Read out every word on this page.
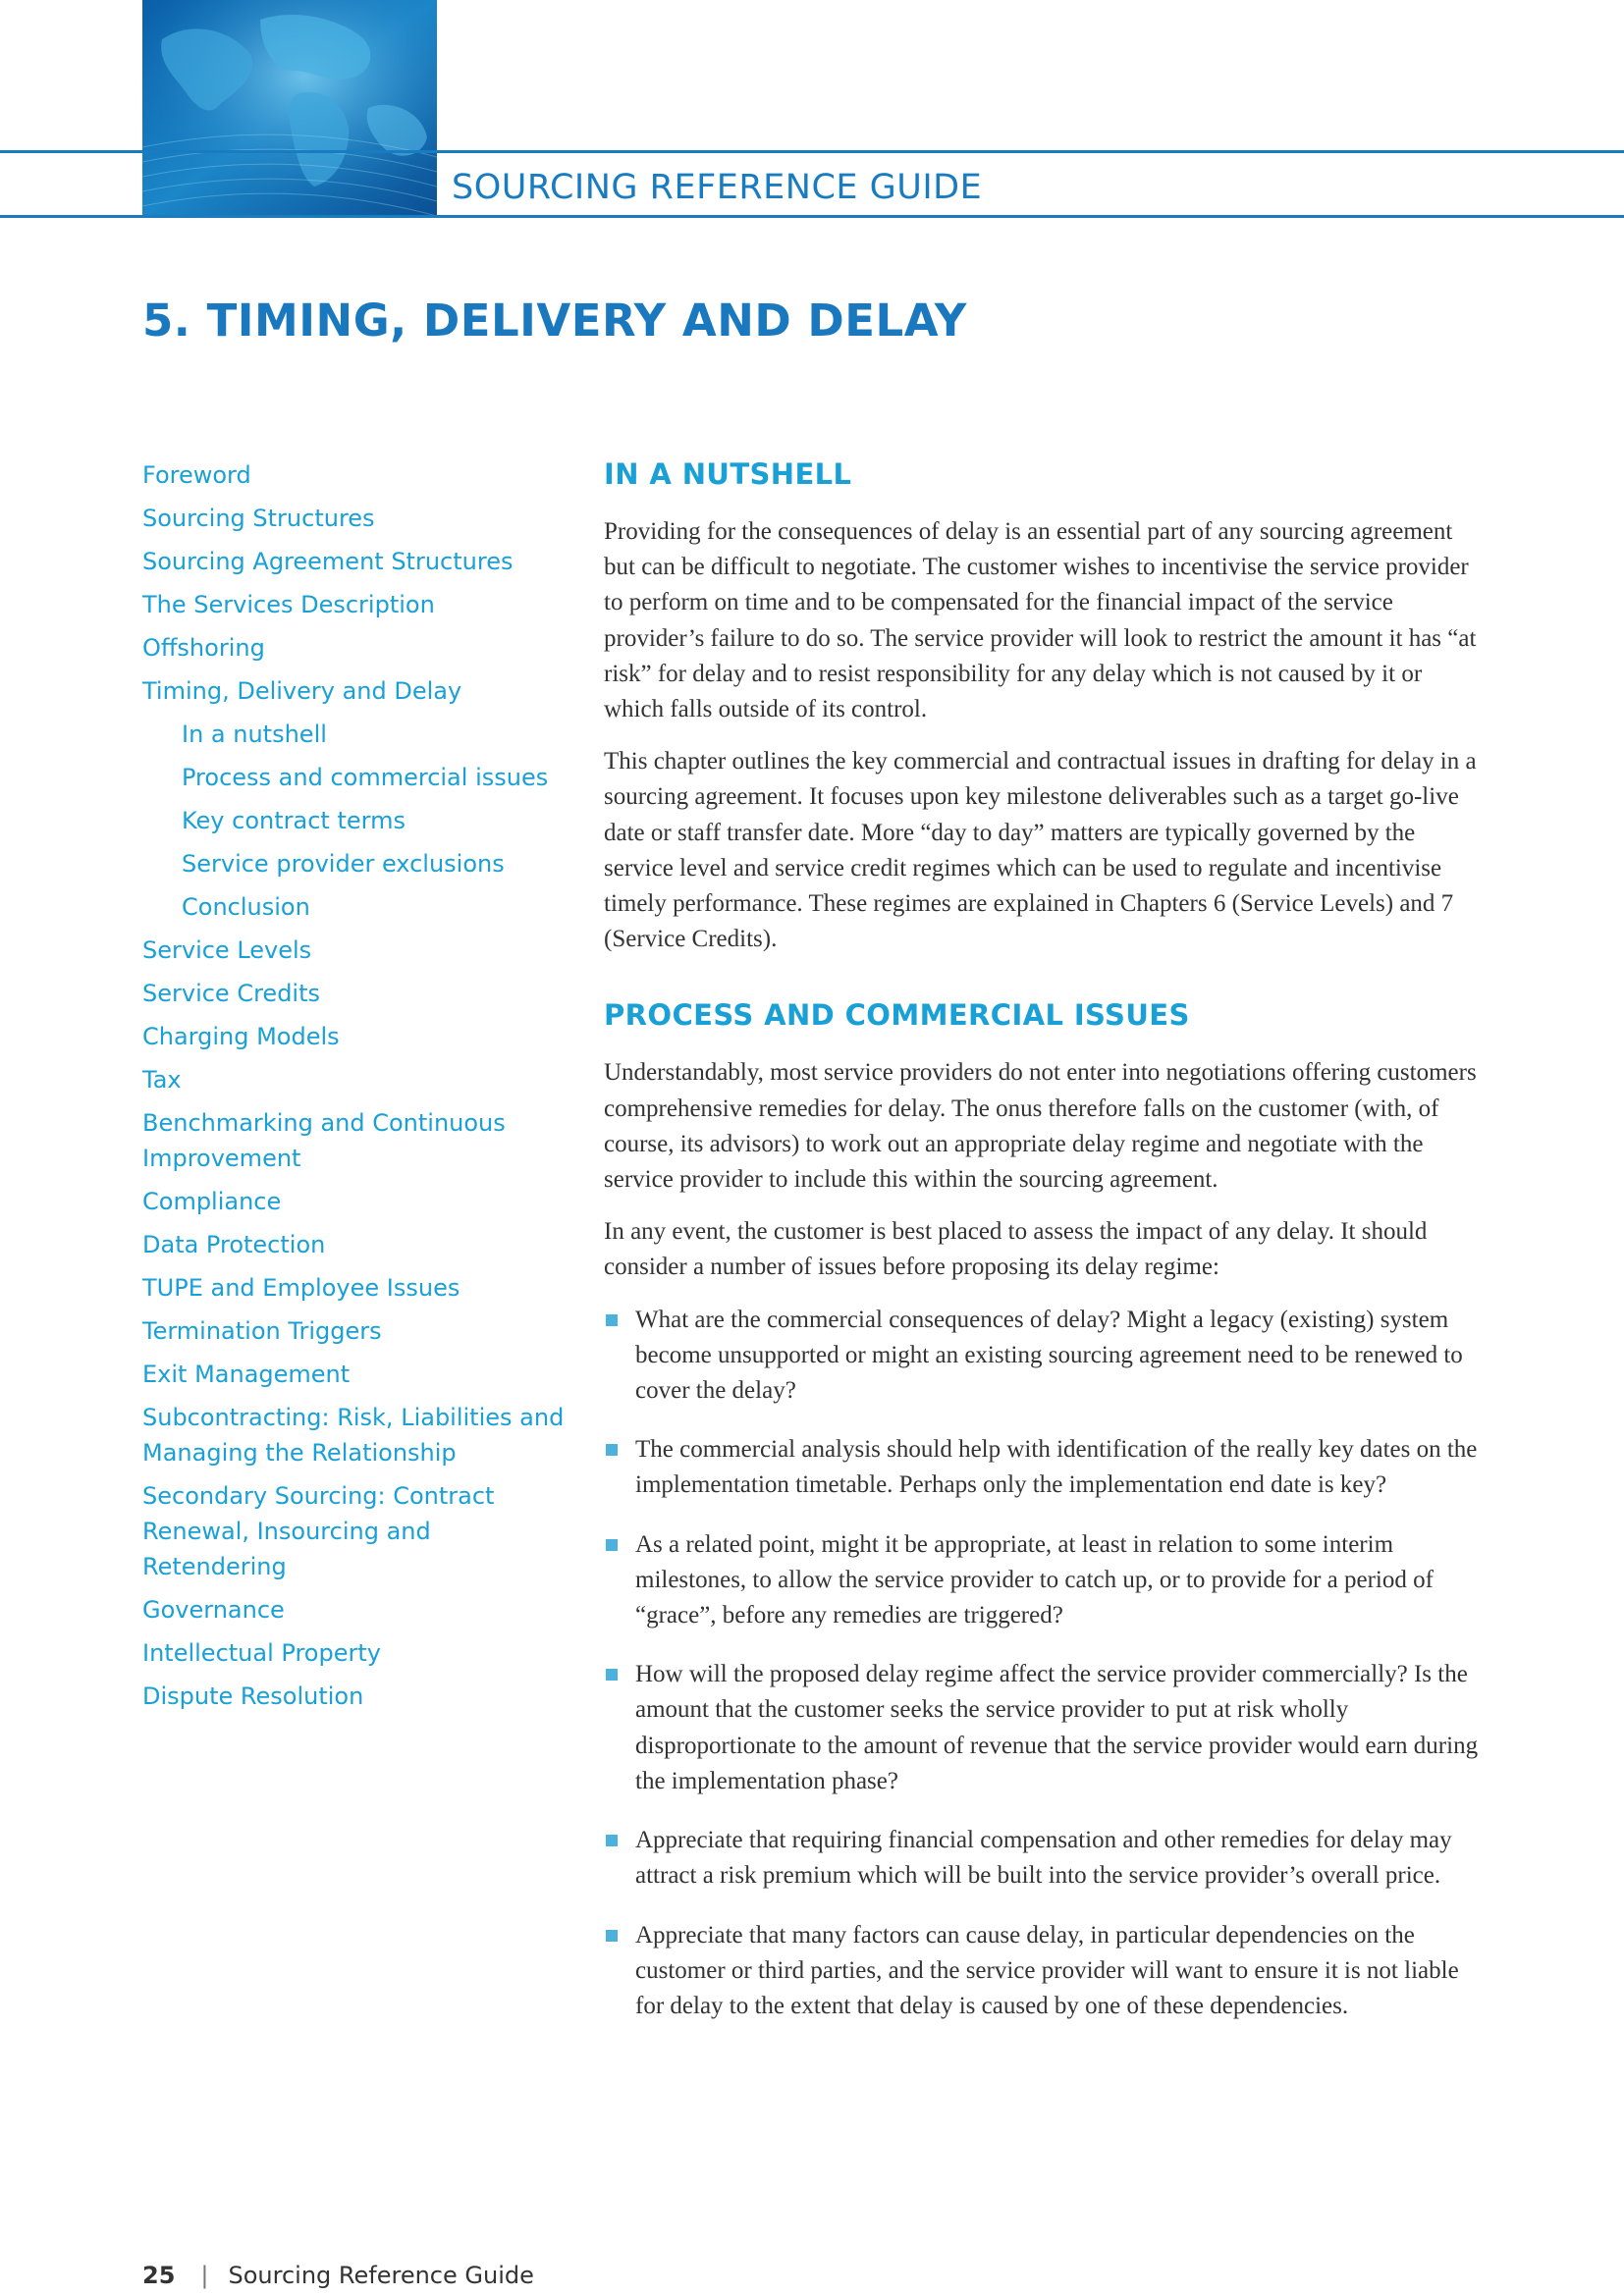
SOURCING REFERENCE GUIDE
5. TIMING, DELIVERY AND DELAY
Foreword
Sourcing Structures
Sourcing Agreement Structures
The Services Description
Offshoring
Timing, Delivery and Delay
In a nutshell
Process and commercial issues
Key contract terms
Service provider exclusions
Conclusion
Service Levels
Service Credits
Charging Models
Tax
Benchmarking and Continuous Improvement
Compliance
Data Protection
TUPE and Employee Issues
Termination Triggers
Exit Management
Subcontracting: Risk, Liabilities and Managing the Relationship
Secondary Sourcing: Contract Renewal, Insourcing and Retendering
Governance
Intellectual Property
Dispute Resolution
IN A NUTSHELL

Providing for the consequences of delay is an essential part of any sourcing agreement but can be difficult to negotiate. The customer wishes to incentivise the service provider to perform on time and to be compensated for the financial impact of the service provider’s failure to do so. The service provider will look to restrict the amount it has “at risk” for delay and to resist responsibility for any delay which is not caused by it or which falls outside of its control.

This chapter outlines the key commercial and contractual issues in drafting for delay in a sourcing agreement. It focuses upon key milestone deliverables such as a target go-live date or staff transfer date. More “day to day” matters are typically governed by the service level and service credit regimes which can be used to regulate and incentivise timely performance. These regimes are explained in Chapters 6 (Service Levels) and 7 (Service Credits).

PROCESS AND COMMERCIAL ISSUES

Understandably, most service providers do not enter into negotiations offering customers comprehensive remedies for delay. The onus therefore falls on the customer (with, of course, its advisors) to work out an appropriate delay regime and negotiate with the service provider to include this within the sourcing agreement.

In any event, the customer is best placed to assess the impact of any delay. It should consider a number of issues before proposing its delay regime:

What are the commercial consequences of delay? Might a legacy (existing) system become unsupported or might an existing sourcing agreement need to be renewed to cover the delay?
The commercial analysis should help with identification of the really key dates on the implementation timetable. Perhaps only the implementation end date is key?
As a related point, might it be appropriate, at least in relation to some interim milestones, to allow the service provider to catch up, or to provide for a period of “grace”, before any remedies are triggered?
How will the proposed delay regime affect the service provider commercially? Is the amount that the customer seeks the service provider to put at risk wholly disproportionate to the amount of revenue that the service provider would earn during the implementation phase?
Appreciate that requiring financial compensation and other remedies for delay may attract a risk premium which will be built into the service provider’s overall price.
Appreciate that many factors can cause delay, in particular dependencies on the customer or third parties, and the service provider will want to ensure it is not liable for delay to the extent that delay is caused by one of these dependencies.
25 | Sourcing Reference Guide
